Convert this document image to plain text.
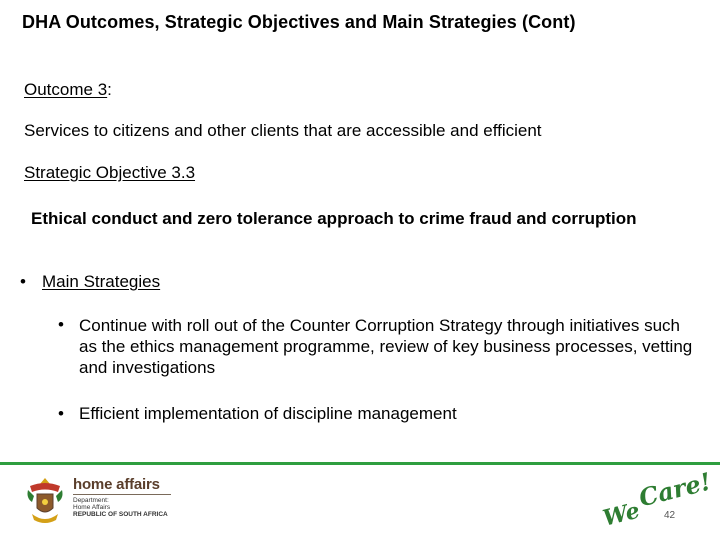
DHA Outcomes, Strategic Objectives and Main Strategies (Cont)
Outcome 3:
Services to citizens and other clients that are accessible and efficient
Strategic Objective 3.3
Ethical conduct and zero tolerance approach to crime fraud and corruption
• Main Strategies
• Continue with roll out of the Counter Corruption Strategy through initiatives such as the ethics management programme, review of key business processes, vetting and investigations
• Efficient implementation of discipline management
home affairs
Department:
Home Affairs
REPUBLIC OF SOUTH AFRICA	We
Care!
42
